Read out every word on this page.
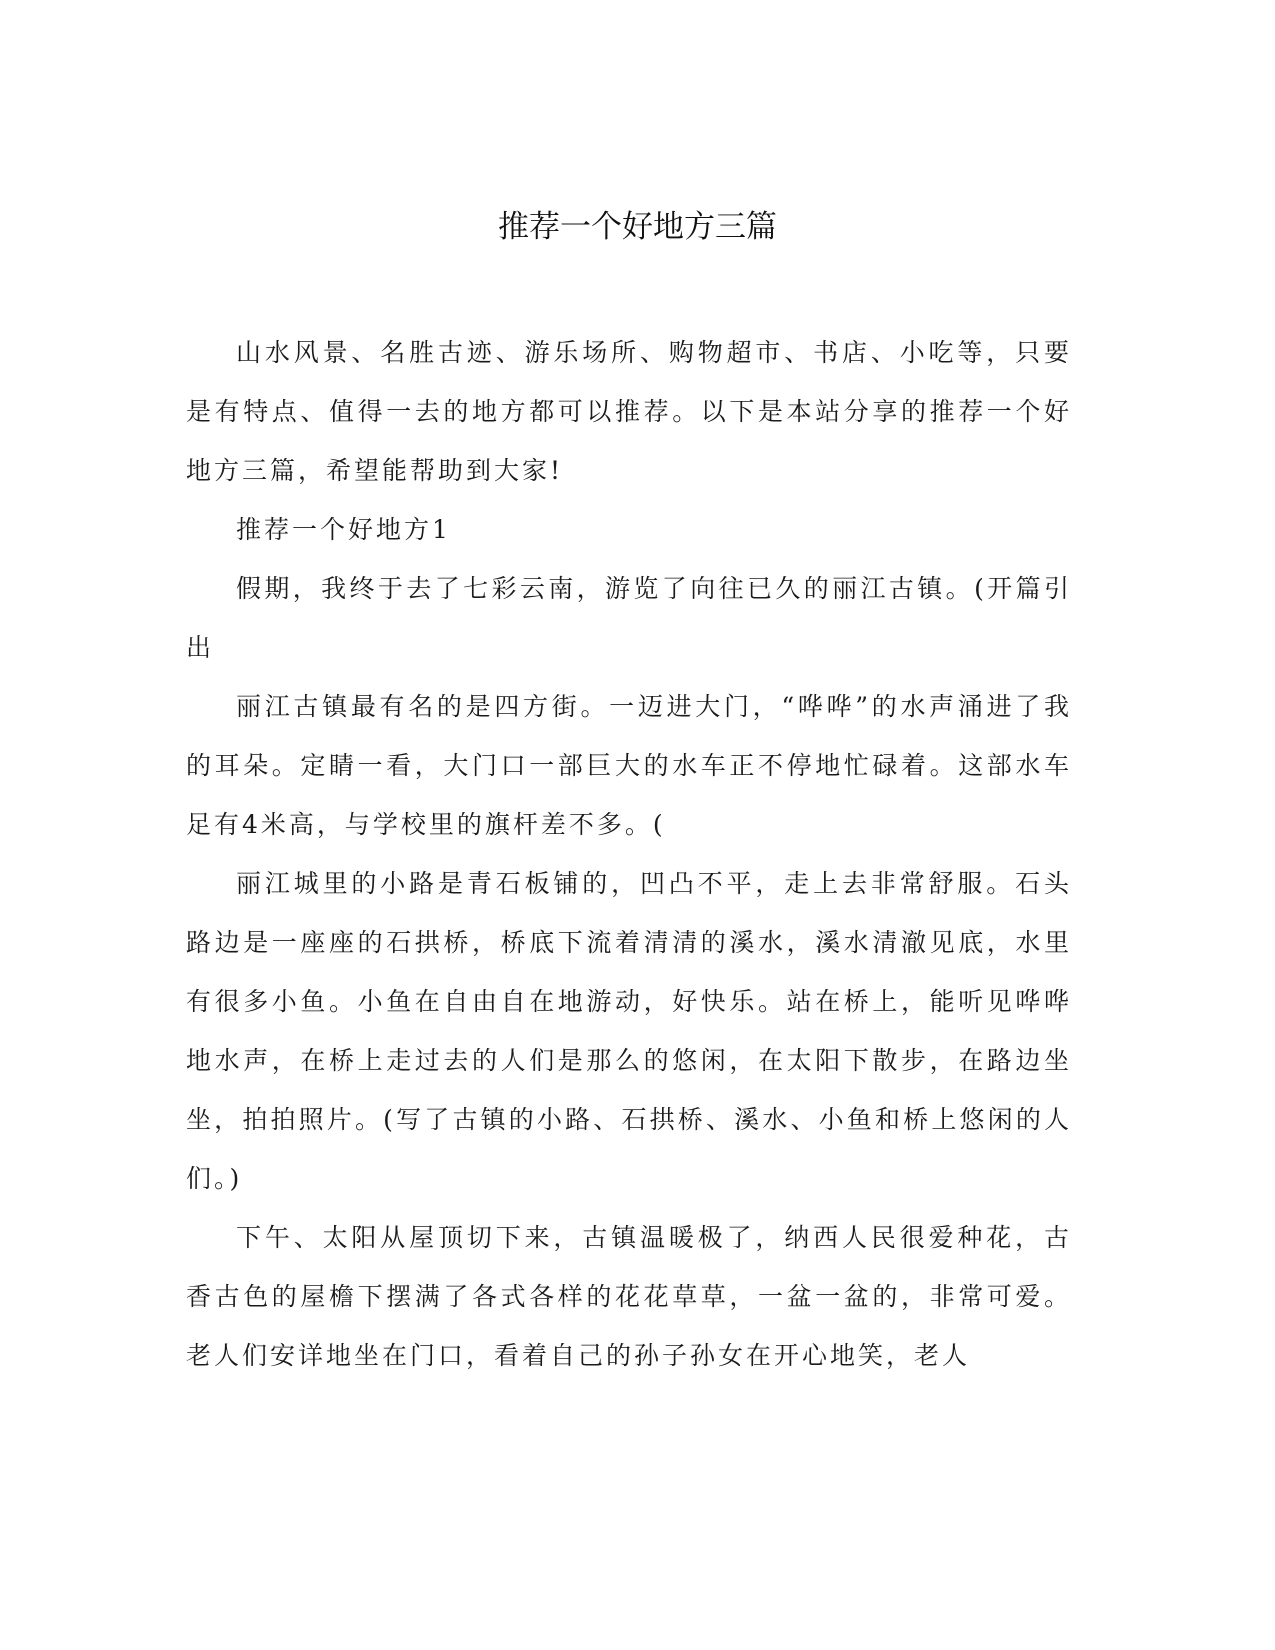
推荐一个好地方三篇

山水风景、名胜古迹、游乐场所、购物超市、书店、小吃等，只要是有特点、值得一去的地方都可以推荐。以下是本站分享的推荐一个好地方三篇，希望能帮助到大家!

推荐一个好地方1

假期，我终于去了七彩云南，游览了向往已久的丽江古镇。(开篇引出

丽江古镇最有名的是四方街。一迈进大门，“哗哗”的水声涌进了我的耳朵。定睛一看，大门口一部巨大的水车正不停地忙碌着。这部水车足有4米高，与学校里的旗杆差不多。(

丽江城里的小路是青石板铺的，凹凸不平，走上去非常舒服。石头路边是一座座的石拱桥，桥底下流着清清的溪水，溪水清澈见底，水里有很多小鱼。小鱼在自由自在地游动，好快乐。站在桥上，能听见哗哗地水声，在桥上走过去的人们是那么的悠闲，在太阳下散步，在路边坐坐，拍拍照片。(写了古镇的小路、石拱桥、溪水、小鱼和桥上悠闲的人们。)

下午、太阳从屋顶切下来，古镇温暖极了，纳西人民很爱种花，古香古色的屋檐下摆满了各式各样的花花草草，一盆一盆的，非常可爱。老人们安详地坐在门口，看着自己的孙子孙女在开心地笑，老人
